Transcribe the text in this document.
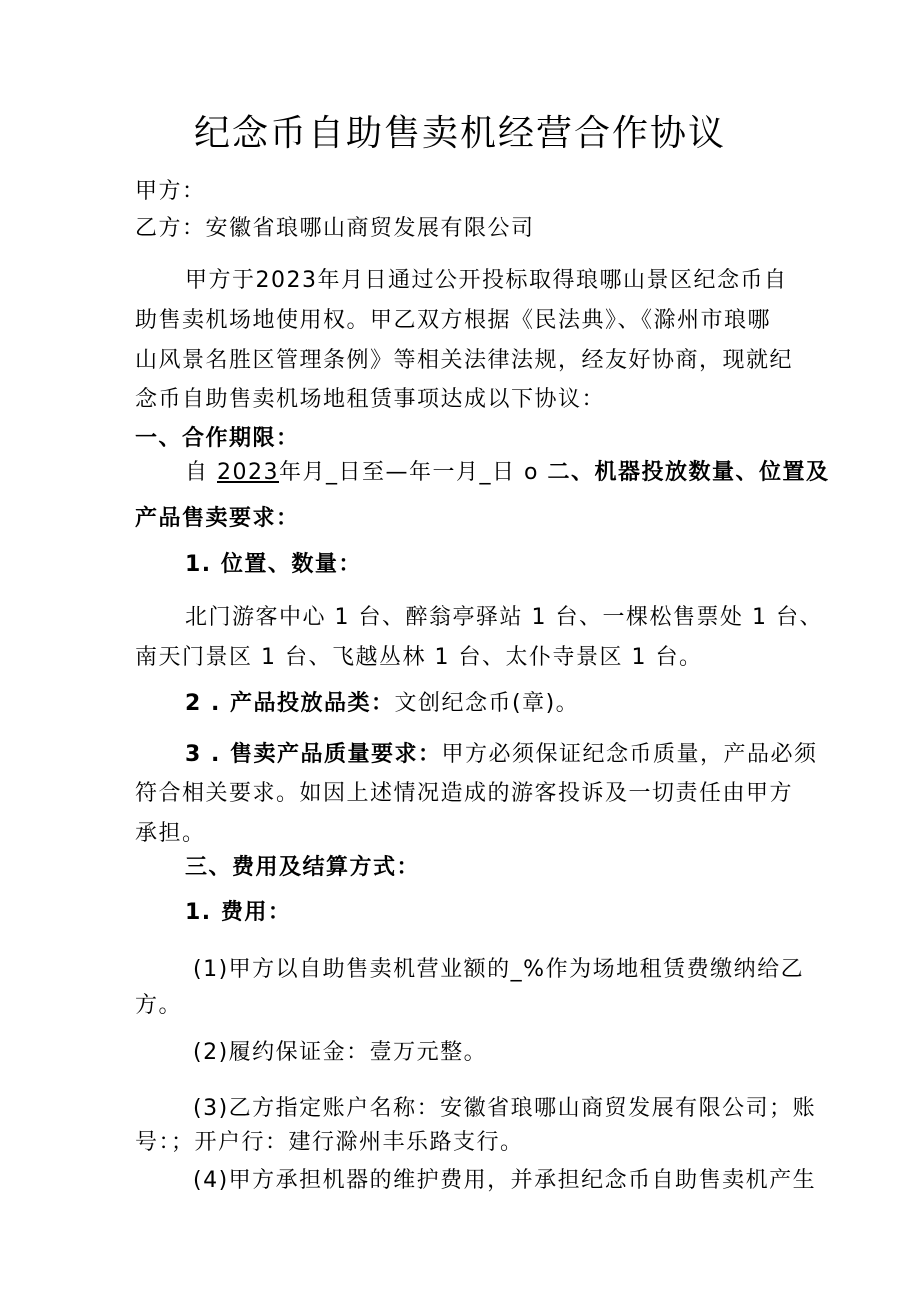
纪念币自助售卖机经营合作协议
甲方：
乙方：安徽省琅哪山商贸发展有限公司
甲方于2023年月日通过公开投标取得琅哪山景区纪念币自
助售卖机场地使用权。甲乙双方根据《民法典》、《滁州市琅哪
山风景名胜区管理条例》等相关法律法规，经友好协商，现就纪
念币自助售卖机场地租赁事项达成以下协议：
一、合作期限：
自 2023年月_日至—年一月_日 o 二、机器投放数量、位置及
产品售卖要求：
1. 位置、数量：
北门游客中心 1 台、醉翁亭驿站 1 台、一棵松售票处 1 台、
南天门景区 1 台、飞越丛林 1 台、太仆寺景区 1 台。
2 . 产品投放品类：文创纪念币(章)。
3 . 售卖产品质量要求：甲方必须保证纪念币质量，产品必须
符合相关要求。如因上述情况造成的游客投诉及一切责任由甲方
承担。
三、费用及结算方式：
1. 费用：
(1)甲方以自助售卖机营业额的_%作为场地租赁费缴纳给乙
方。
(2)履约保证金：壹万元整。
(3)乙方指定账户名称：安徽省琅哪山商贸发展有限公司；账
号：；开户行：建行滁州丰乐路支行。
(4)甲方承担机器的维护费用，并承担纪念币自助售卖机产生
